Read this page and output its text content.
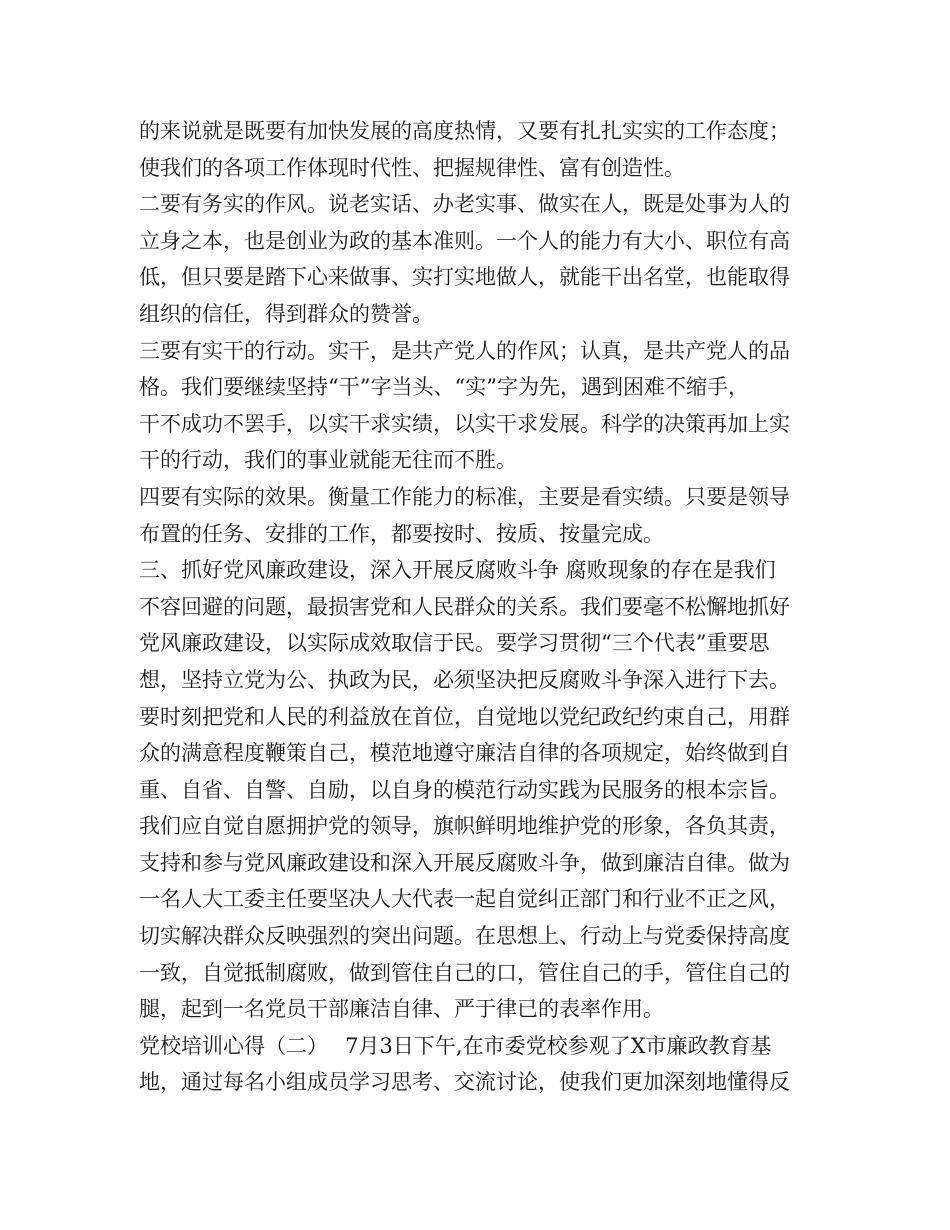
的来说就是既要有加快发展的高度热情，又要有扎扎实实的工作态度；
使我们的各项工作体现时代性、把握规律性、富有创造性。
二要有务实的作风。说老实话、办老实事、做实在人，既是处事为人的
立身之本，也是创业为政的基本准则。一个人的能力有大小、职位有高
低，但只要是踏下心来做事、实打实地做人，就能干出名堂，也能取得
组织的信任，得到群众的赞誉。
三要有实干的行动。实干，是共产党人的作风；认真，是共产党人的品
格。我们要继续坚持“干”字当头、“实”字为先，遇到困难不缩手，
干不成功不罢手，以实干求实绩，以实干求发展。科学的决策再加上实
干的行动，我们的事业就能无往而不胜。
四要有实际的效果。衡量工作能力的标准，主要是看实绩。只要是领导
布置的任务、安排的工作，都要按时、按质、按量完成。
三、抓好党风廉政建设，深入开展反腐败斗争 腐败现象的存在是我们
不容回避的问题，最损害党和人民群众的关系。我们要毫不松懈地抓好
党风廉政建设，以实际成效取信于民。要学习贯彻“三个代表”重要思
想，坚持立党为公、执政为民，必须坚决把反腐败斗争深入进行下去。
要时刻把党和人民的利益放在首位，自觉地以党纪政纪约束自己，用群
众的满意程度鞭策自己，模范地遵守廉洁自律的各项规定，始终做到自
重、自省、自警、自励，以自身的模范行动实践为民服务的根本宗旨。
我们应自觉自愿拥护党的领导，旗帜鲜明地维护党的形象，各负其责，
支持和参与党风廉政建设和深入开展反腐败斗争，做到廉洁自律。做为
一名人大工委主任要坚决人大代表一起自觉纠正部门和行业不正之风，
切实解决群众反映强烈的突出问题。在思想上、行动上与党委保持高度
一致，自觉抵制腐败，做到管住自己的口，管住自己的手，管住自己的
腿，起到一名党员干部廉洁自律、严于律已的表率作用。
党校培训心得（二）　 7月3日下午,在市委党校参观了X市廉政教育基
地，通过每名小组成员学习思考、交流讨论，使我们更加深刻地懂得反
